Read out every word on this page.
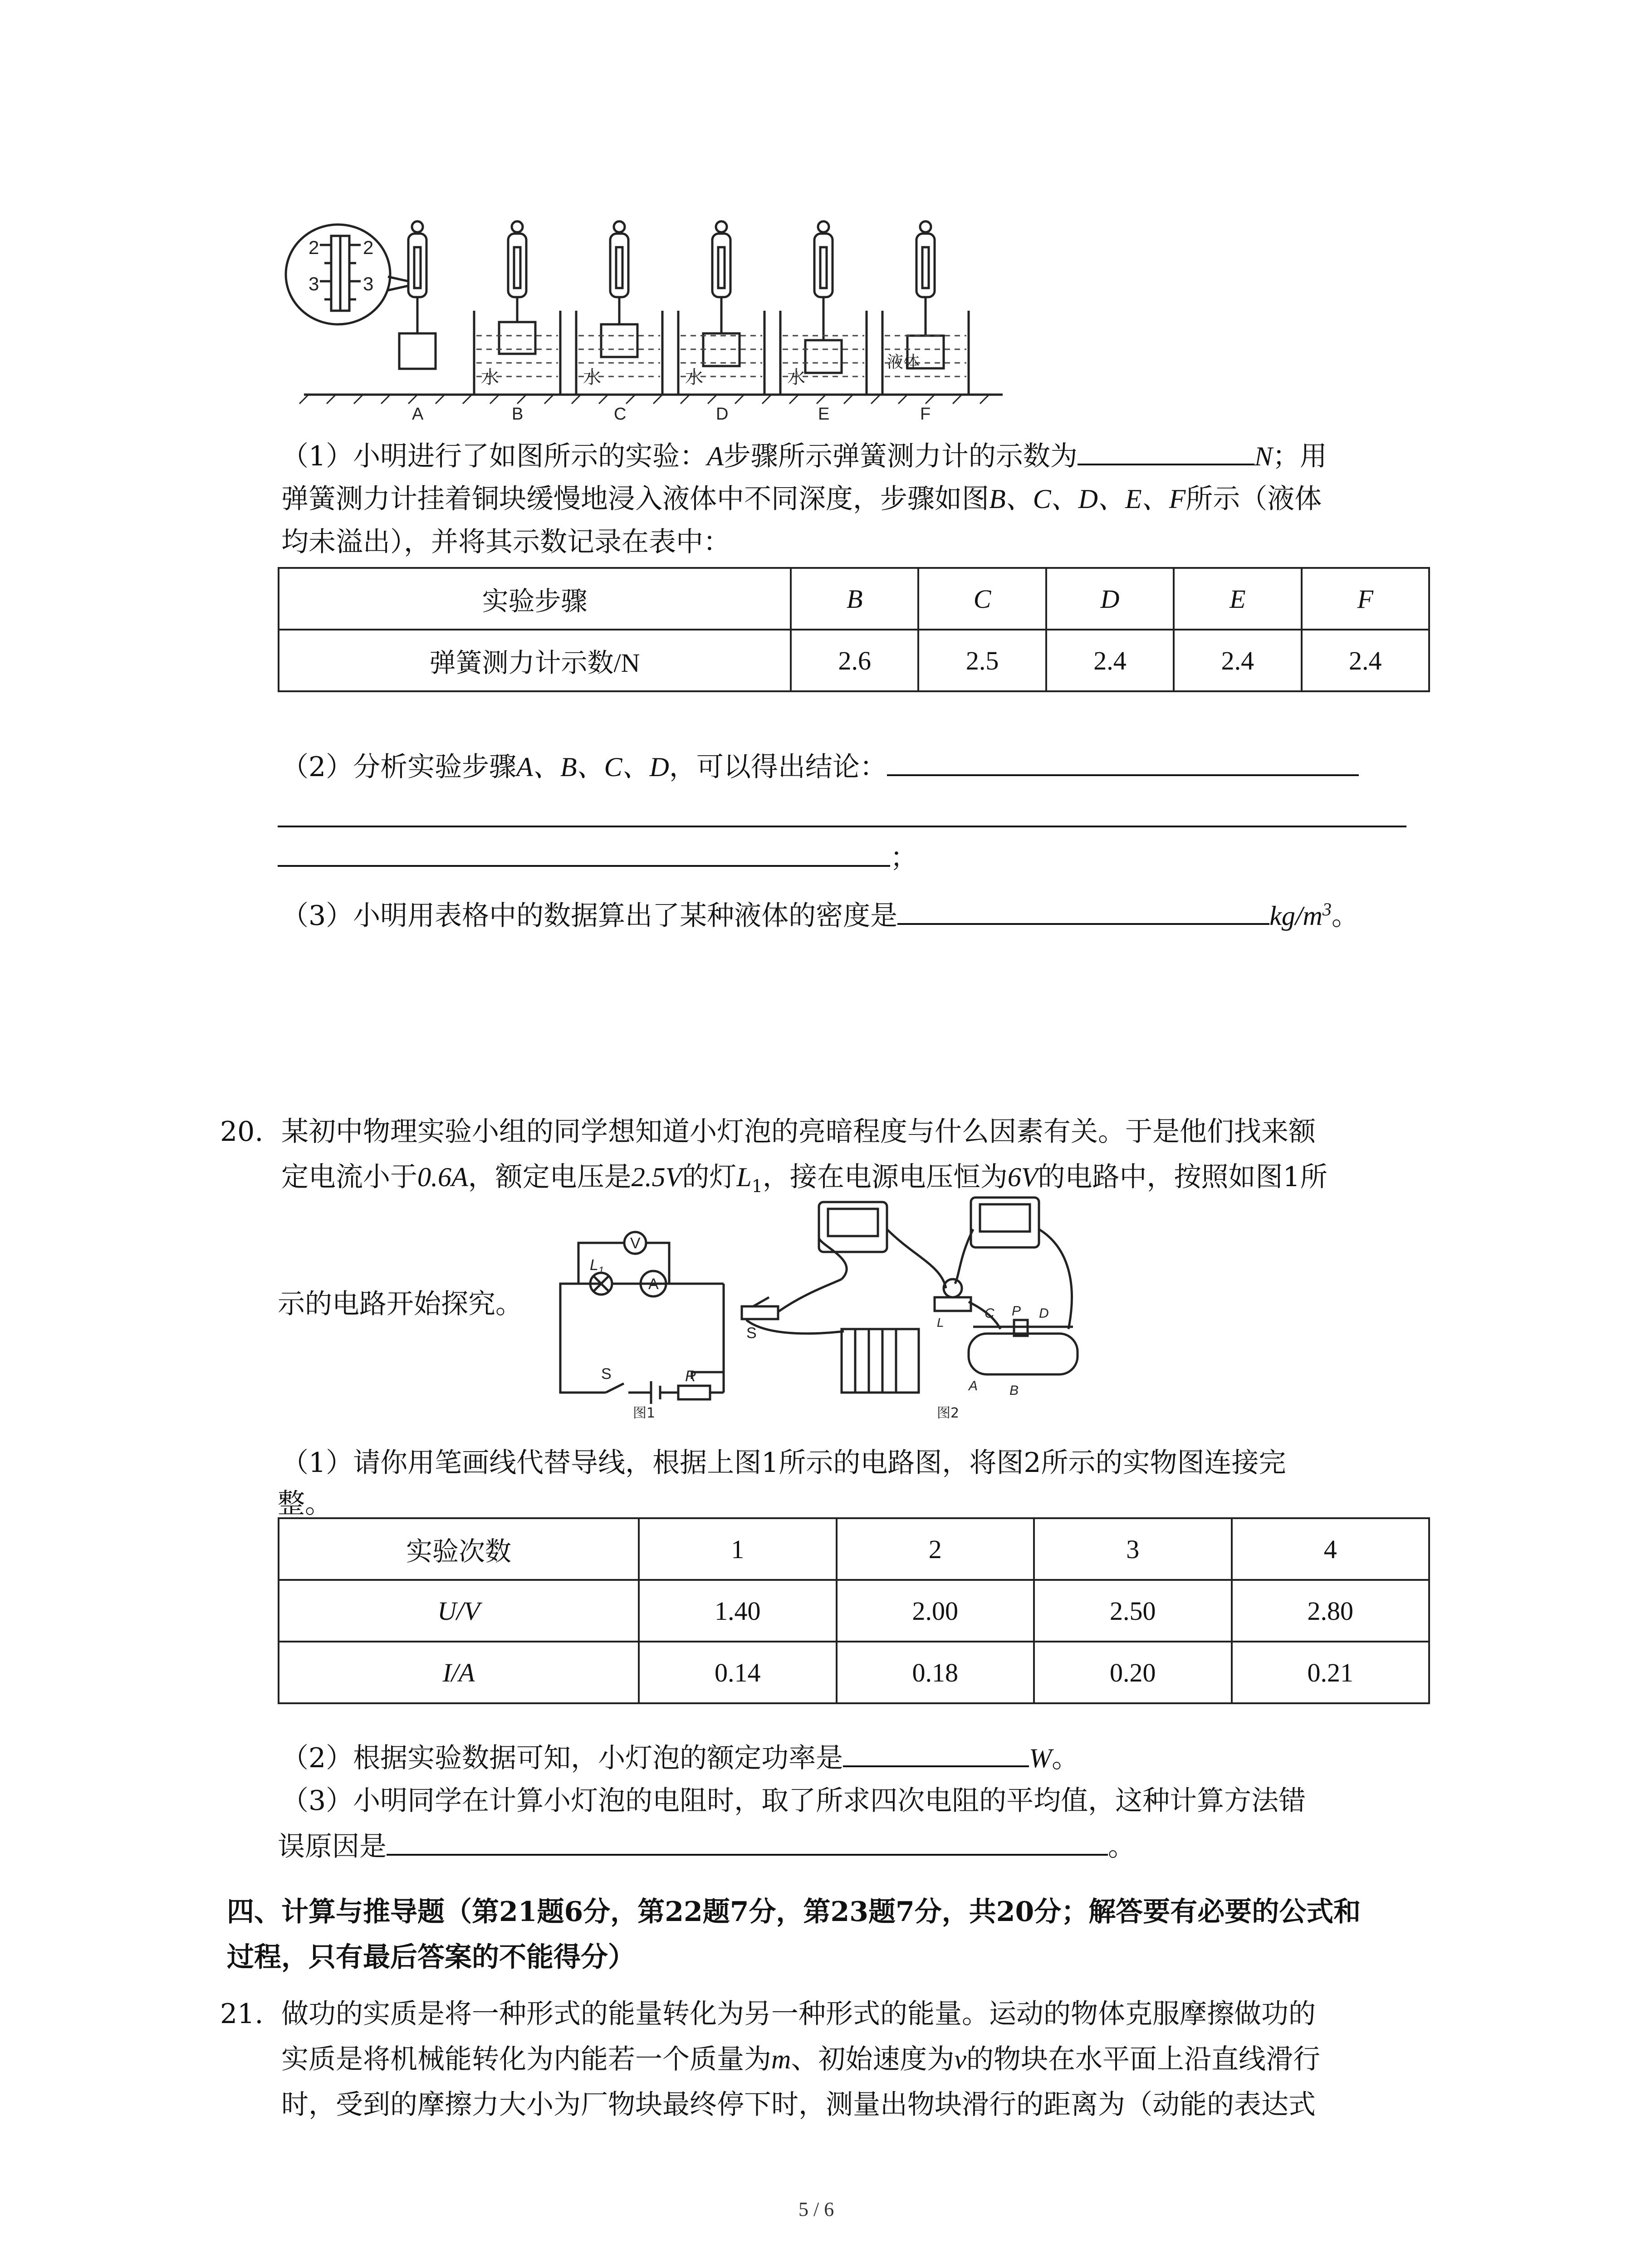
2 2
3 3
水	水	水	水
液体
A	B	C	D	E	F
（1）小明进行了如图所示的实验：A步骤所示弹簧测力计的示数为	N；用
弹簧测力计挂着铜块缓慢地浸入液体中不同深度，步骤如图B、C、D、E、F所示（液体
均未溢出），并将其示数记录在表中：
实验步骤	B	C	D	E	F
弹簧测力计示数/N	2.6	2.5	2.4	2.4	2.4
（2）分析实验步骤A、B、C、D，可以得出结论：
；
（3）小明用表格中的数据算出了某种液体的密度是	$kg/m^3$。
20. 某初中物理实验小组的同学想知道小灯泡的亮暗程度与什么因素有关。于是他们找来额
定电流小于0.6A，额定电压是2.5V的灯$L_1$，接在电源电压恒为6V的电路中，按照如图1所
示的电路开始探究。
V
A
$L_1$
S	R
图1	图2
S
L
C P D
A B
（1）请你用笔画线代替导线，根据上图1所示的电路图，将图2所示的实物图连接完
整。
实验次数	1	2	3	4
U/V	1.40	2.00	2.50	2.80
I/A	0.14	0.18	0.20	0.21
（2）根据实验数据可知，小灯泡的额定功率是	W。
（3）小明同学在计算小灯泡的电阻时，取了所求四次电阻的平均值，这种计算方法错
误原因是	。
四、计算与推导题（第21题6分，第22题7分，第23题7分，共20分；解答要有必要的公式和
过程，只有最后答案的不能得分）
21. 做功的实质是将一种形式的能量转化为另一种形式的能量。运动的物体克服摩擦做功的
实质是将机械能转化为内能若一个质量为m、初始速度为v的物块在水平面上沿直线滑行
时，受到的摩擦力大小为厂物块最终停下时，测量出物块滑行的距离为（动能的表达式
5 / 6
